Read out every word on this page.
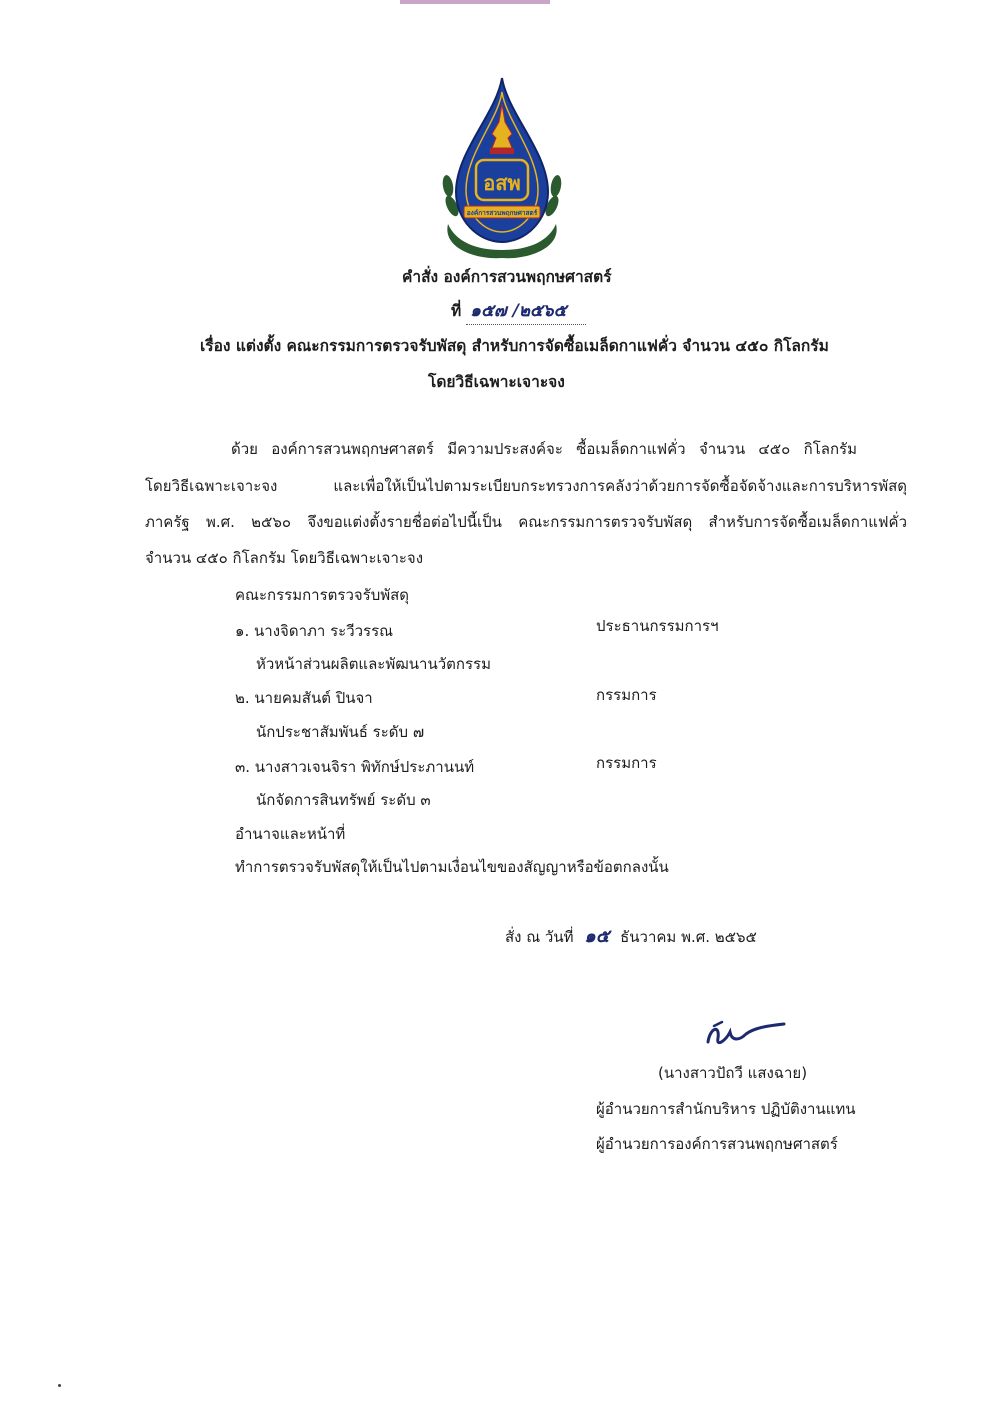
อสพ
องค์การสวนพฤกษศาสตร์
คำสั่ง องค์การสวนพฤกษศาสตร์
ที่ ๑๕๗ /๒๕๖๕
เรื่อง แต่งตั้ง คณะกรรมการตรวจรับพัสดุ สำหรับการจัดซื้อเมล็ดกาแฟคั่ว จำนวน ๔๕๐ กิโลกรัม
โดยวิธีเฉพาะเจาะจง
ด้วย องค์การสวนพฤกษศาสตร์ มีความประสงค์จะ ซื้อเมล็ดกาแฟคั่ว จำนวน ๔๕๐ กิโลกรัม
โดยวิธีเฉพาะเจาะจง และเพื่อให้เป็นไปตามระเบียบกระทรวงการคลังว่าด้วยการจัดซื้อจัดจ้างและการบริหารพัสดุ
ภาครัฐ พ.ศ. ๒๕๖๐ จึงขอแต่งตั้งรายชื่อต่อไปนี้เป็น คณะกรรมการตรวจรับพัสดุ สำหรับการจัดซื้อเมล็ดกาแฟคั่ว
จำนวน ๔๕๐ กิโลกรัม โดยวิธีเฉพาะเจาะจง
คณะกรรมการตรวจรับพัสดุ
๑. นางจิดาภา ระวีวรรณ	ประธานกรรมการฯ
หัวหน้าส่วนผลิตและพัฒนานวัตกรรม
๒. นายคมสันต์ ปินจา	กรรมการ
นักประชาสัมพันธ์ ระดับ ๗
๓. นางสาวเจนจิรา พิทักษ์ประภานนท์	กรรมการ
นักจัดการสินทรัพย์ ระดับ ๓
อำนาจและหน้าที่
ทำการตรวจรับพัสดุให้เป็นไปตามเงื่อนไขของสัญญาหรือข้อตกลงนั้น
สั่ง ณ วันที่ ๑๕ ธันวาคม พ.ศ. ๒๕๖๕
(นางสาวปัถวี แสงฉาย)
ผู้อำนวยการสำนักบริหาร ปฏิบัติงานแทน
ผู้อำนวยการองค์การสวนพฤกษศาสตร์
